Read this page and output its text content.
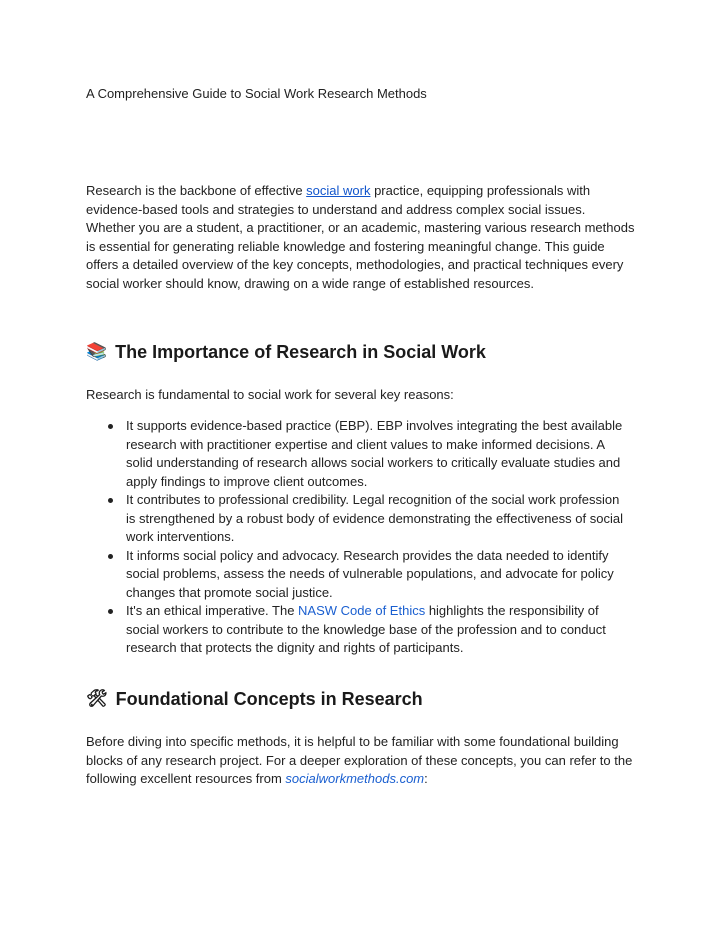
A Comprehensive Guide to Social Work Research Methods

Research is the backbone of effective social work practice, equipping professionals with evidence-based tools and strategies to understand and address complex social issues. Whether you are a student, a practitioner, or an academic, mastering various research methods is essential for generating reliable knowledge and fostering meaningful change. This guide offers a detailed overview of the key concepts, methodologies, and practical techniques every social worker should know, drawing on a wide range of established resources.

📚 The Importance of Research in Social Work

Research is fundamental to social work for several key reasons:

It supports evidence-based practice (EBP). EBP involves integrating the best available research with practitioner expertise and client values to make informed decisions. A solid understanding of research allows social workers to critically evaluate studies and apply findings to improve client outcomes.
It contributes to professional credibility. Legal recognition of the social work profession is strengthened by a robust body of evidence demonstrating the effectiveness of social work interventions.
It informs social policy and advocacy. Research provides the data needed to identify social problems, assess the needs of vulnerable populations, and advocate for policy changes that promote social justice.
It's an ethical imperative. The NASW Code of Ethics highlights the responsibility of social workers to contribute to the knowledge base of the profession and to conduct research that protects the dignity and rights of participants.
🛠 Foundational Concepts in Research

Before diving into specific methods, it is helpful to be familiar with some foundational building blocks of any research project. For a deeper exploration of these concepts, you can refer to the following excellent resources from socialworkmethods.com:
